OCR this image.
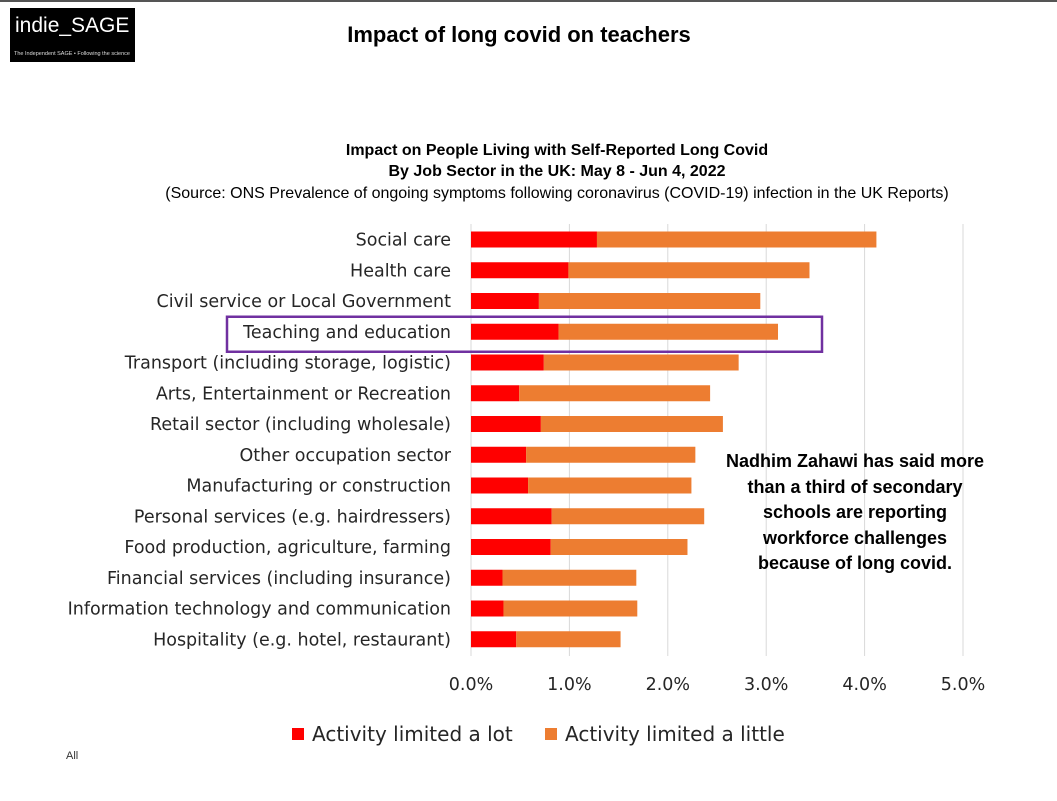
indie_SAGE
The Independent SAGE • Following the science
Impact of long covid on teachers
Impact on People Living with Self-Reported Long Covid
By Job Sector in the UK: May 8 - Jun 4, 2022
(Source: ONS Prevalence of ongoing symptoms following coronavirus (COVID-19) infection in the UK Reports)
Social care
Health care
Civil service or Local Government
Teaching and education
Transport (including storage, logistic)
Arts, Entertainment or Recreation
Retail sector (including wholesale)
Other occupation sector
Manufacturing or construction
Personal services (e.g. hairdressers)
Food production, agriculture, farming
Financial services (including insurance)
Information technology and communication
Hospitality (e.g. hotel, restaurant)
0.0%	1.0%	2.0%	3.0%	4.0%	5.0%
Activity limited a lot	Activity limited a little
Nadhim Zahawi has said more than a third of secondary schools are reporting workforce challenges because of long covid.
All
